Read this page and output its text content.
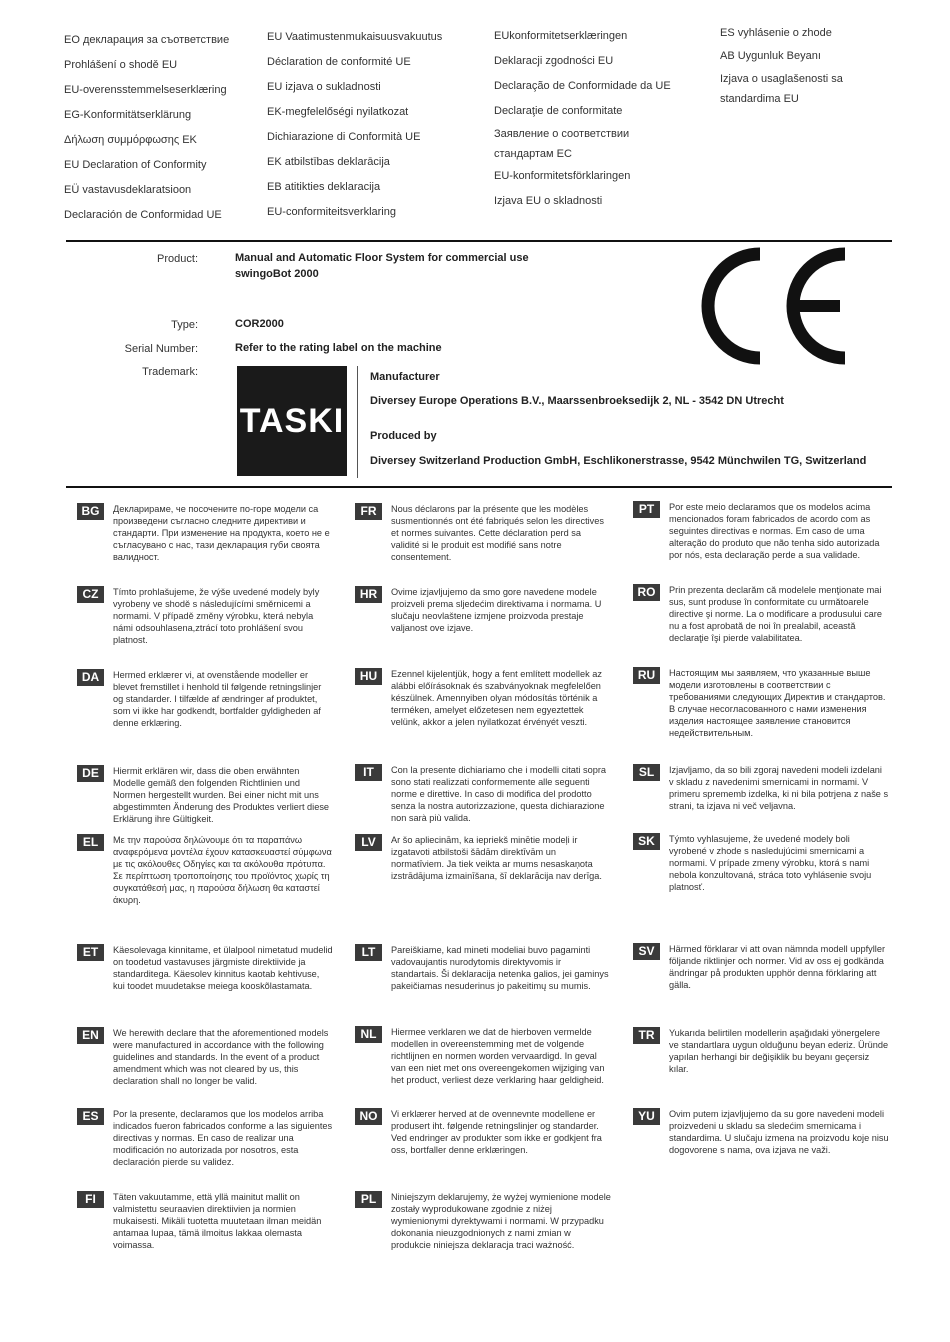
ЕО декларация за съответствие
Prohlášení o shodě EU
EU-overensstemmelseserklæring
EG-Konformitätserklärung
Δήλωση συμμόρφωσης ΕΚ
EU Declaration of Conformity
EÜ vastavusdeklaratsioon
Declaración de Conformidad UE
EU Vaatimustenmukaisuusvakuutus
Déclaration de conformité UE
EU izjava o sukladnosti
EK-megfelelőségi nyilatkozat
Dichiarazione di Conformità UE
EK atbilstības deklarācija
EB atitikties deklaracija
EU-conformiteitsverklaring
EUkonformitetserklæringen
Deklaracji zgodności EU
Declaração de Conformidade da UE
Declaraţie de conformitate
Заявление о соответствии
стандартам ЕС
EU-konformitetsförklaringen
Izjava EU o skladnosti
ES vyhlásenie o zhode
AB Uygunluk Beyanı
Izjava o usaglašenosti sa
standardima EU
Product:	Manual and Automatic Floor System for commercial use
swingoBot 2000
Type:	COR2000
Serial Number:	Refer to the rating label on the machine
Trademark:
TASKI
Manufacturer
Diversey Europe Operations B.V., Maarssenbroeksedijk 2, NL - 3542 DN Utrecht
Produced by
Diversey Switzerland Production GmbH, Eschlikonerstrasse, 9542 Münchwilen TG, Switzerland
BG	Декларираме, че посочените по-горе модели са произведени съгласно следните директиви и стандарти. При изменение на продукта, което не е съгласувано с нас, тази декларация губи своята валидност.
CZ	Tímto prohlašujeme, že výše uvedené modely byly vyrobeny ve shodě s následujícími směrnicemi a normami. V případě změny výrobku, která nebyla námi odsouhlasena,ztrácí toto prohlášení svou platnost.
DA	Hermed erklærer vi, at ovenstående modeller er blevet fremstillet i henhold til følgende retningslinjer og standarder. I tilfælde af ændringer af produktet, som vi ikke har godkendt, bortfalder gyldigheden af denne erklæring.
DE	Hiermit erklären wir, dass die oben erwähnten Modelle gemäß den folgenden Richtlinien und Normen hergestellt wurden. Bei einer nicht mit uns abgestimmten Änderung des Produktes verliert diese Erklärung ihre Gültigkeit.
EL	Με την παρούσα δηλώνουμε ότι τα παραπάνω αναφερόμενα μοντέλα έχουν κατασκευαστεί σύμφωνα με τις ακόλουθες Οδηγίες και τα ακόλουθα πρότυπα. Σε περίπτωση τροποποίησης του προϊόντος χωρίς τη συγκατάθεσή μας, η παρούσα δήλωση θα καταστεί άκυρη.
ET	Käesolevaga kinnitame, et ülalpool nimetatud mudelid on toodetud vastavuses järgmiste direktiivide ja standarditega. Käesolev kinnitus kaotab kehtivuse, kui toodet muudetakse meiega kooskõlastamata.
EN	We herewith declare that the aforementioned models were manufactured in accordance with the following guidelines and standards. In the event of a product amendment which was not cleared by us, this declaration shall no longer be valid.
ES	Por la presente, declaramos que los modelos arriba indicados fueron fabricados conforme a las siguientes directivas y normas. En caso de realizar una modificación no autorizada por nosotros, esta declaración pierde su validez.
FI	Täten vakuutamme, että yllä mainitut mallit on valmistettu seuraavien direktiivien ja normien mukaisesti. Mikäli tuotetta muutetaan ilman meidän antamaa lupaa, tämä ilmoitus lakkaa olemasta voimassa.
FR	Nous déclarons par la présente que les modèles susmentionnés ont été fabriqués selon les directives et normes suivantes. Cette déclaration perd sa validité si le produit est modifié sans notre consentement.
HR	Ovime izjavljujemo da smo gore navedene modele proizveli prema sljedećim direktivama i normama. U slučaju neovlaštene izmjene proizvoda prestaje valjanost ove izjave.
HU	Ezennel kijelentjük, hogy a fent említett modellek az alábbi előírásoknak és szabványoknak megfelelően készülnek. Amennyiben olyan módosítás történik a terméken, amelyet előzetesen nem egyeztettek velünk, akkor a jelen nyilatkozat érvényét veszti.
IT	Con la presente dichiariamo che i modelli citati sopra sono stati realizzati conformemente alle seguenti norme e direttive. In caso di modifica del prodotto senza la nostra autorizzazione, questa dichiarazione non sarà più valida.
LV	Ar šo apliecinām, ka iepriekš minētie modeļi ir izgatavoti atbilstoši šādām direktīvām un normatīviem. Ja tiek veikta ar mums nesaskaņota izstrādājuma izmainīšana, šī deklarācija nav derīga.
LT	Pareiškiame, kad mineti modeliai buvo pagaminti vadovaujantis nurodytomis direktyvomis ir standartais. Ši deklaracija netenka galios, jei gaminys pakeičiamas nesuderinus jo pakeitimų su mumis.
NL	Hiermee verklaren we dat de hierboven vermelde modellen in overeenstemming met de volgende richtlijnen en normen worden vervaardigd. In geval van een niet met ons overeengekomen wijziging van het product, verliest deze verklaring haar geldigheid.
NO	Vi erklærer herved at de ovennevnte modellene er produsert iht. følgende retningslinjer og standarder. Ved endringer av produkter som ikke er godkjent fra oss, bortfaller denne erklæringen.
PL	Niniejszym deklarujemy, że wyżej wymienione modele zostały wyprodukowane zgodnie z niżej wymienionymi dyrektywami i normami. W przypadku dokonania nieuzgodnionych z nami zmian w produkcie niniejsza deklaracja traci ważność.
PT	Por este meio declaramos que os modelos acima mencionados foram fabricados de acordo com as seguintes directivas e normas. Em caso de uma alteração do produto que não tenha sido autorizada por nós, esta declaração perde a sua validade.
RO	Prin prezenta declarăm că modelele menţionate mai sus, sunt produse în conformitate cu următoarele directive şi norme. La o modificare a produsului care nu a fost aprobată de noi în prealabil, această declaraţie îşi pierde valabilitatea.
RU	Настоящим мы заявляем, что указанные выше модели изготовлены в соответствии с требованиями следующих Директив и стандартов. В случае несогласованного с нами изменения изделия настоящее заявление становится недействительным.
SL	Izjavljamo, da so bili zgoraj navedeni modeli izdelani v skladu z navedenimi smernicami in normami. V primeru sprememb izdelka, ki ni bila potrjena z naše s strani, ta izjava ni več veljavna.
SK	Týmto vyhlasujeme, že uvedené modely boli vyrobené v zhode s nasledujúcimi smernicami a normami. V prípade zmeny výrobku, ktorá s nami nebola konzultovaná, stráca toto vyhlásenie svoju platnosť.
SV	Härmed förklarar vi att ovan nämnda modell uppfyller följande riktlinjer och normer. Vid av oss ej godkända ändringar på produkten upphör denna förklaring att gälla.
TR	Yukarıda belirtilen modellerin aşağıdaki yönergelere ve standartlara uygun olduğunu beyan ederiz. Üründe yapılan herhangi bir değişiklik bu beyanı geçersiz kılar.
YU	Ovim putem izjavljujemo da su gore navedeni modeli proizvedeni u skladu sa sledećim smernicama i standardima. U slučaju izmena na proizvodu koje nisu dogovorene s nama, ova izjava ne važi.
